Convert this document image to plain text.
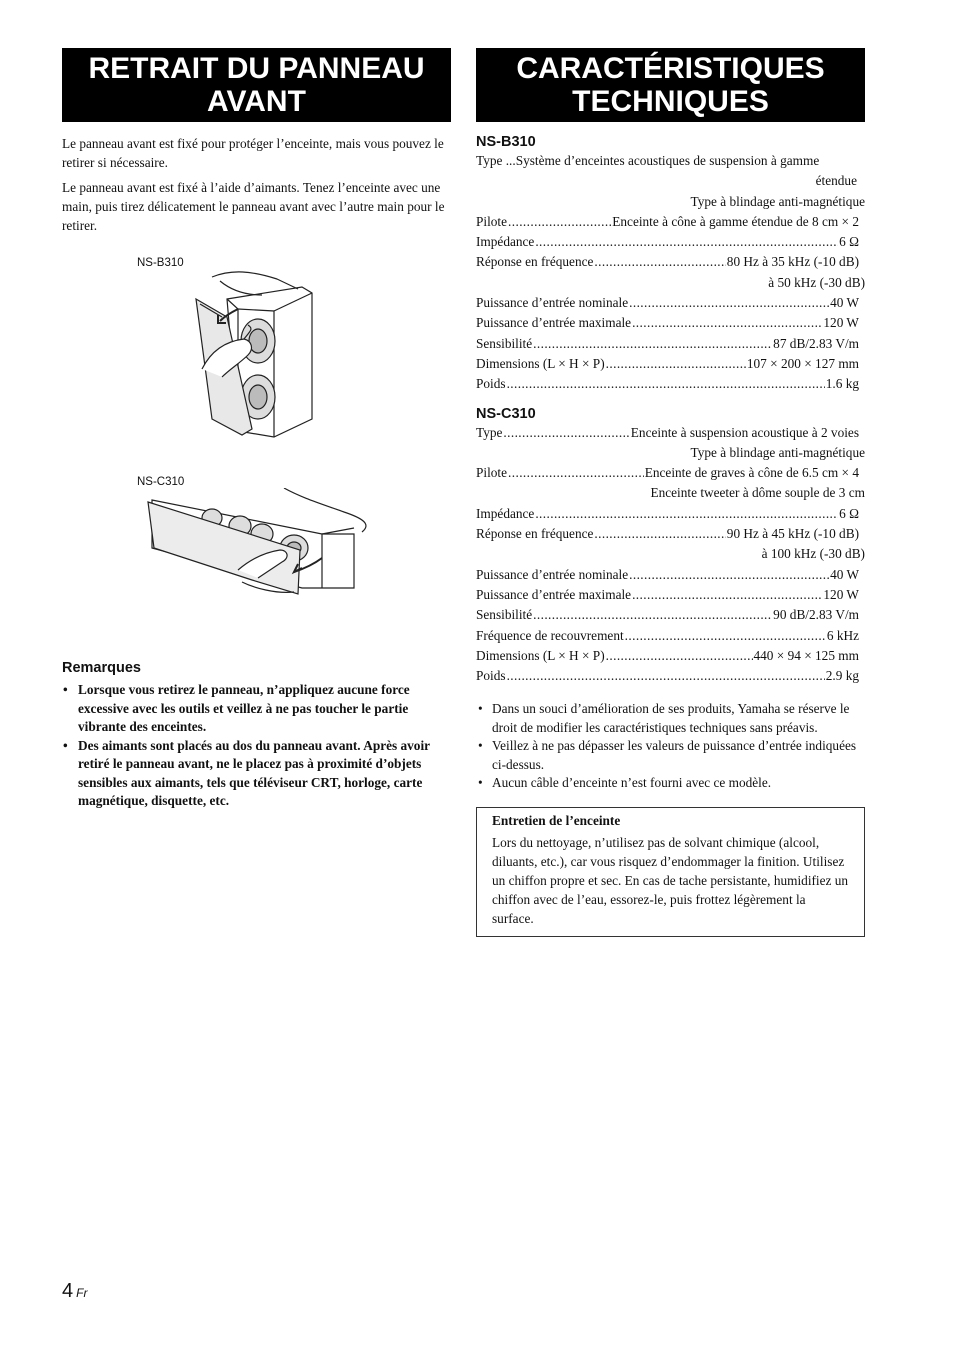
RETRAIT DU PANNEAU AVANT

Le panneau avant est fixé pour protéger l’enceinte, mais vous pouvez le retirer si nécessaire.

Le panneau avant est fixé à l’aide d’aimants. Tenez l’enceinte avec une main, puis tirez délicatement le panneau avant avec l’autre main pour le retirer.

NS-B310
NS-C310
Remarques
• Lorsque vous retirez le panneau, n’appliquez aucune force excessive avec les outils et veillez à ne pas toucher le partie vibrante des enceintes.
• Des aimants sont placés au dos du panneau avant. Après avoir retiré le panneau avant, ne le placez pas à proximité d’objets sensibles aux aimants, tels que téléviseur CRT, horloge, carte magnétique, disquette, etc.
CARACTÉRISTIQUES TECHNIQUES
NS-B310
Type ...Système d’enceintes acoustiques de suspension à gamme
étendue
Type à blindage anti-magnétique
Pilote .....	Enceinte à cône à gamme étendue de 8 cm × 2
Impédance .....	6 Ω
Réponse en fréquence .....	80 Hz à 35 kHz (-10 dB)
à 50 kHz (-30 dB)
Puissance d’entrée nominale .....	40 W
Puissance d’entrée maximale .....	120 W
Sensibilité .....	87 dB/2.83 V/m
Dimensions (L × H × P) .....	107 × 200 × 127 mm
Poids .....	1.6 kg
NS-C310
Type .....	Enceinte à suspension acoustique à 2 voies
Type à blindage anti-magnétique
Pilote .....	Enceinte de graves à cône de 6.5 cm × 4
Enceinte tweeter à dôme souple de 3 cm
Impédance .....	6 Ω
Réponse en fréquence .....	90 Hz à 45 kHz (-10 dB)
à 100 kHz (-30 dB)
Puissance d’entrée nominale .....	40 W
Puissance d’entrée maximale .....	120 W
Sensibilité .....	90 dB/2.83 V/m
Fréquence de recouvrement .....	6 kHz
Dimensions (L × H × P) .....	440 × 94 × 125 mm
Poids .....	2.9 kg
• Dans un souci d’amélioration de ses produits, Yamaha se réserve le droit de modifier les caractéristiques techniques sans préavis.
• Veillez à ne pas dépasser les valeurs de puissance d’entrée indiquées ci-dessus.
• Aucun câble d’enceinte n’est fourni avec ce modèle.
Entretien de l’enceinte
Lors du nettoyage, n’utilisez pas de solvant chimique (alcool, diluants, etc.), car vous risquez d’endommager la finition. Utilisez un chiffon propre et sec. En cas de tache persistante, humidifiez un chiffon avec de l’eau, essorez-le, puis frottez légèrement la surface.
4 Fr
